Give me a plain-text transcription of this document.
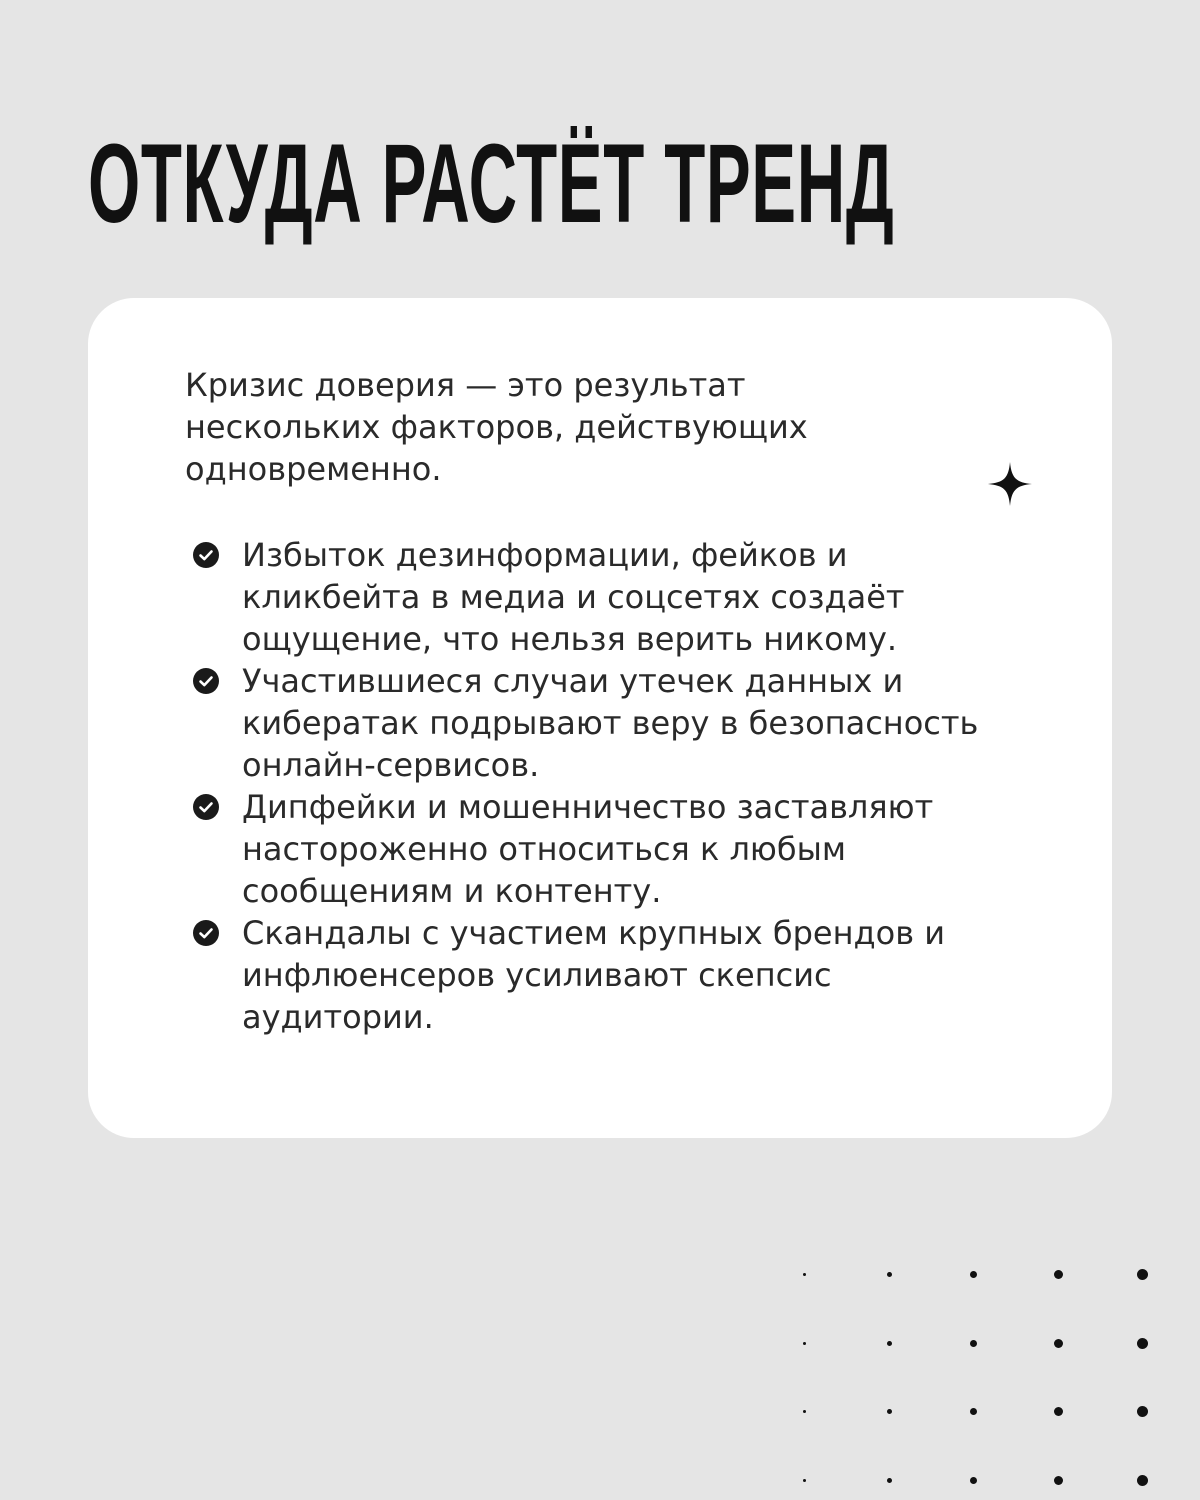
ОТКУДА РАСТЁТ ТРЕНД
Кризис доверия — это результат нескольких факторов, действующих одновременно.
Избыток дезинформации, фейков и кликбейта в медиа и соцсетях создаёт ощущение, что нельзя верить никому.
Участившиеся случаи утечек данных и кибератак подрывают веру в безопасность онлайн-сервисов.
Дипфейки и мошенничество заставляют настороженно относиться к любым сообщениям и контенту.
Скандалы с участием крупных брендов и инфлюенсеров усиливают скепсис аудитории.
